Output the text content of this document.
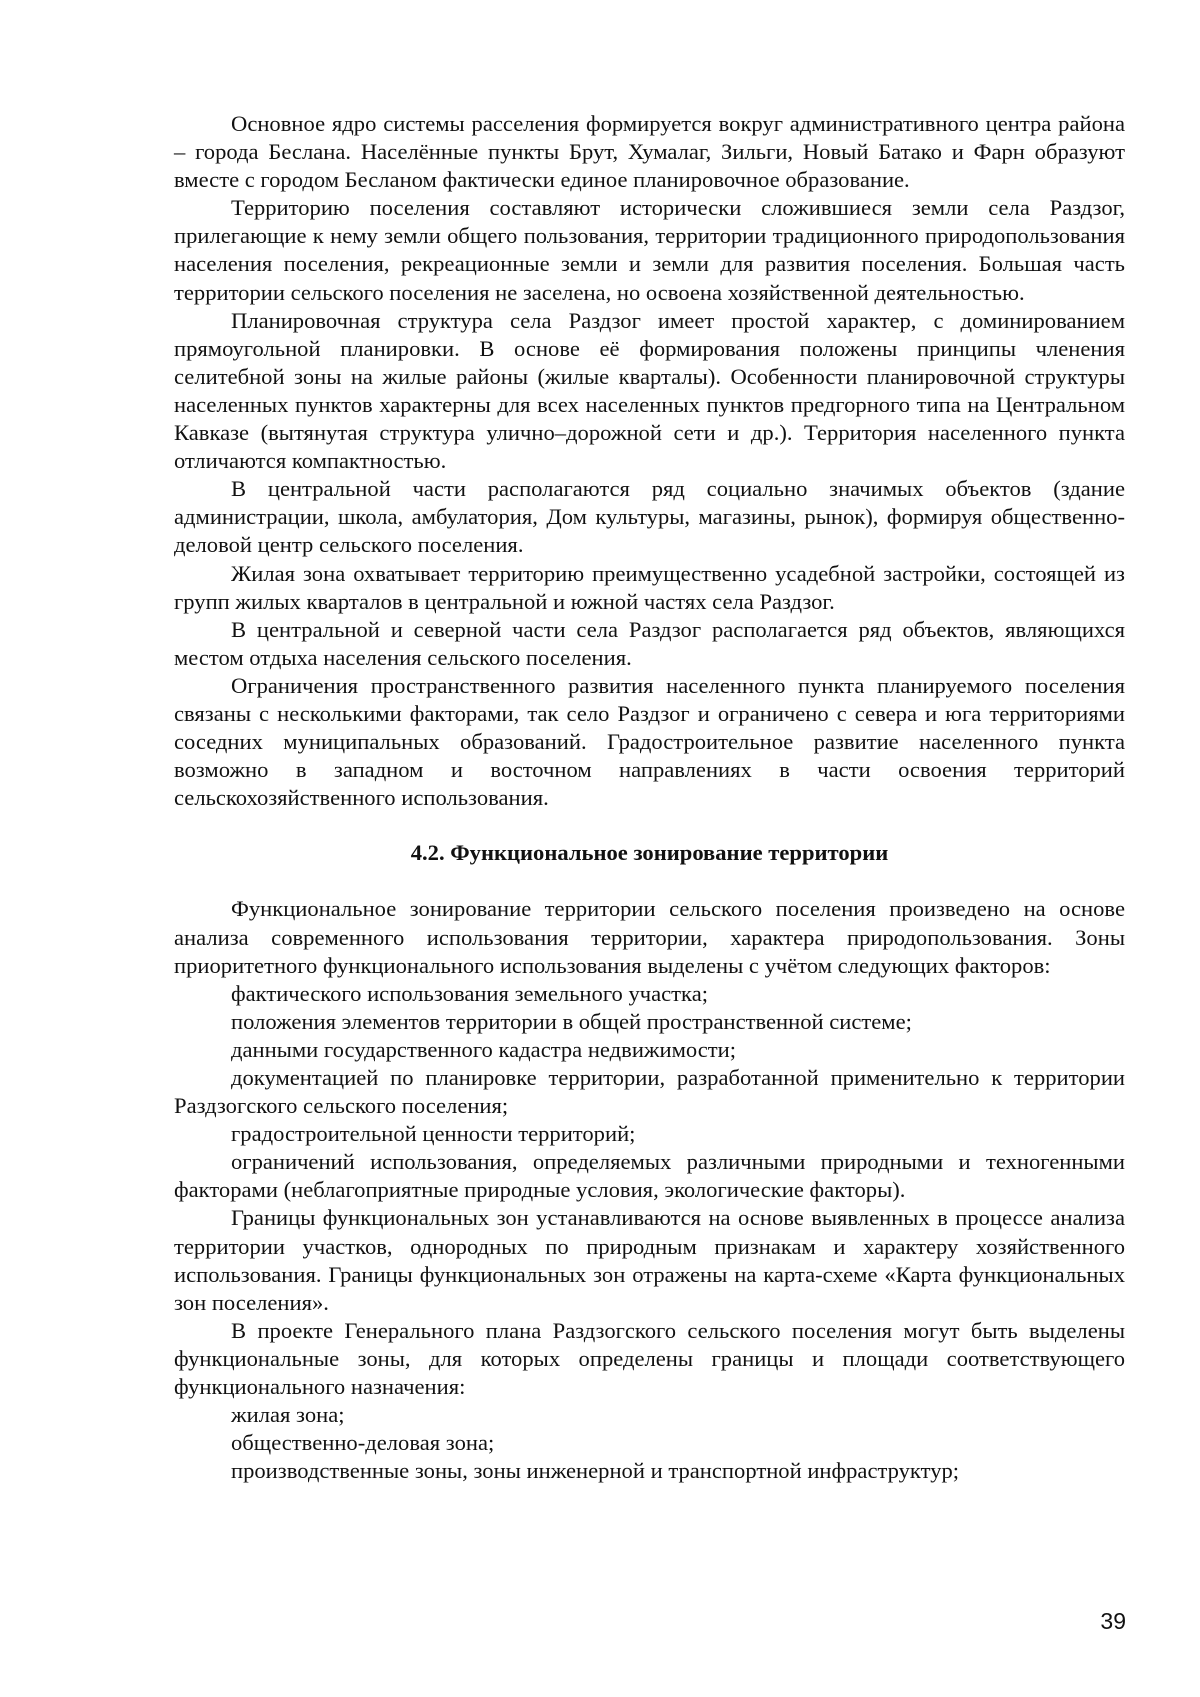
Основное ядро системы расселения формируется вокруг административного центра района – города Беслана. Населённые пункты Брут, Хумалаг, Зильги, Новый Батако и Фарн образуют вместе с городом Бесланом фактически единое планировочное образование.

Территорию поселения составляют исторически сложившиеся земли села Раздзог, прилегающие к нему земли общего пользования, территории традиционного природопользования населения поселения, рекреационные земли и земли для развития поселения. Большая часть территории сельского поселения не заселена, но освоена хозяйственной деятельностью.

Планировочная структура села Раздзог имеет простой характер, с доминированием прямоугольной планировки. В основе её формирования положены принципы членения селитебной зоны на жилые районы (жилые кварталы). Особенности планировочной структуры населенных пунктов характерны для всех населенных пунктов предгорного типа на Центральном Кавказе (вытянутая структура улично–дорожной сети и др.). Территория населенного пункта отличаются компактностью.

В центральной части располагаются ряд социально значимых объектов (здание администрации, школа, амбулатория, Дом культуры, магазины, рынок), формируя общественно-деловой центр сельского поселения.

Жилая зона охватывает территорию преимущественно усадебной застройки, состоящей из групп жилых кварталов в центральной и южной частях села Раздзог.

В центральной и северной части села Раздзог располагается ряд объектов, являющихся местом отдыха населения сельского поселения.

Ограничения пространственного развития населенного пункта планируемого поселения связаны с несколькими факторами, так село Раздзог и ограничено с севера и юга территориями соседних муниципальных образований. Градостроительное развитие населенного пункта возможно в западном и восточном направлениях в части освоения территорий сельскохозяйственного использования.

4.2. Функциональное зонирование территории

Функциональное зонирование территории сельского поселения произведено на основе анализа современного использования территории, характера природопользования. Зоны приоритетного функционального использования выделены с учётом следующих факторов:

фактического использования земельного участка;

положения элементов территории в общей пространственной системе;

данными государственного кадастра недвижимости;

документацией по планировке территории, разработанной применительно к территории Раздзогского сельского поселения;

градостроительной ценности территорий;

ограничений использования, определяемых различными природными и техногенными факторами (неблагоприятные природные условия, экологические факторы).

Границы функциональных зон устанавливаются на основе выявленных в процессе анализа территории участков, однородных по природным признакам и характеру хозяйственного использования. Границы функциональных зон отражены на карта-схеме «Карта функциональных зон поселения».

В проекте Генерального плана Раздзогского сельского поселения могут быть выделены функциональные зоны, для которых определены границы и площади соответствующего функционального назначения:

жилая зона;

общественно-деловая зона;

производственные зоны, зоны инженерной и транспортной инфраструктур;

39
